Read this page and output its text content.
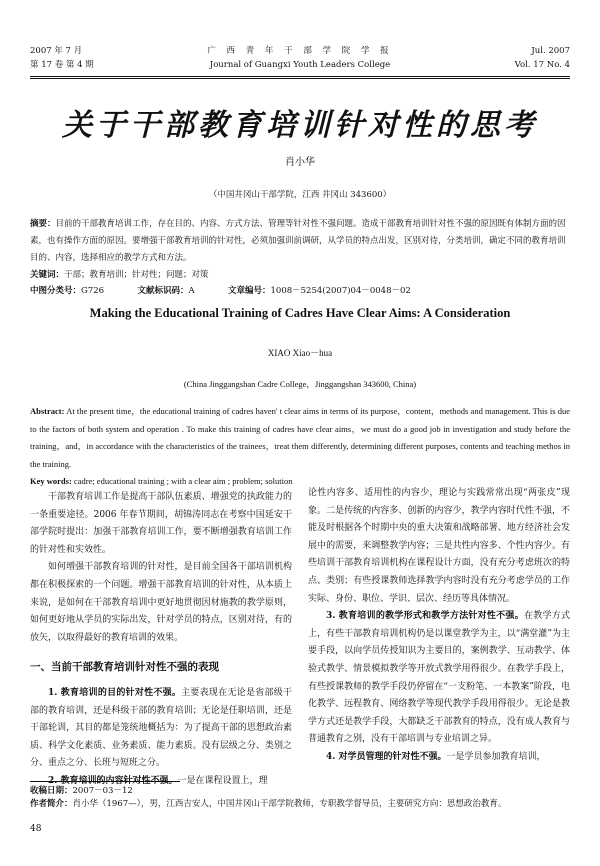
2007 年 7 月
第 17 卷 第 4 期
广 西 青 年 干 部 学 院 学 报
Journal of Guangxi Youth Leaders College
Jul. 2007
Vol. 17 No. 4
关于干部教育培训针对性的思考
肖小华
（中国井冈山干部学院，江西 井冈山 343600）
摘要：目前的干部教育培训工作，存在目的、内容、方式方法、管理等针对性不强问题。造成干部教育培训针对性不强的原因既有体制方面的因素，也有操作方面的原因。要增强干部教育培训的针对性，必须加强训前调研，从学员的特点出发，区别对待，分类培训，确定不同的教育培训目的、内容，选择相应的教学方式和方法。
关键词：干部；教育培训；针对性；问题；对策
中图分类号：G726	文献标识码：A	文章编号：1008－5254(2007)04－0048－02
Making the Educational Training of Cadres Have Clear Aims: A Consideration
XIAO Xiao－hua
(China Jinggangshan Cadre College，Jinggangshan 343600, China)
Abstract: At the present time，the educational training of cadres haven' t clear aims in terms of its purpose，content，methods and management. This is due to the factors of both system and operation . To make this training of cadres have clear aims，we must do a good job in investigation and study before the training，and，in accordance with the characteristics of the trainees，treat them differently, determining different purposes, contents and teaching methos in the training.
Key words: cadre; educational training ; with a clear aim ; problem; solution

干部教育培训工作是提高干部队伍素质、增强党的执政能力的一条重要途径。2006 年春节期间，胡锦涛同志在考察中国延安干部学院时提出：加强干部教育培训工作，要不断增强教育培训工作的针对性和实效性。

如何增强干部教育培训的针对性，是目前全国各干部培训机构都在积极探索的一个问题。增强干部教育培训的针对性，从本质上来说，是如何在干部教育培训中更好地贯彻因材施教的教学原则，如何更好地从学员的实际出发，针对学员的特点，区别对待，有的放矢，以取得最好的教育培训的效果。

一、当前干部教育培训针对性不强的表现

1. 教育培训的目的针对性不强。主要表现在无论是省部级干部的教育培训，还是科级干部的教育培训；无论是任职培训，还是干部轮训，其目的都是笼统地概括为：为了提高干部的思想政治素质、科学文化素质、业务素质、能力素质。没有层级之分、类别之分、重点之分、长班与短班之分。

2. 教育培训的内容针对性不强。一是在课程设置上，理

论性内容多、适用性的内容少，理论与实践常常出现“两张皮”现象。二是传统的内容多、创新的内容少，教学内容时代性不强，不能及时根据各个时期中央的重大决策和战略部署、地方经济社会发展中的需要，来调整教学内容；三是共性内容多、个性内容少。有些培训干部教育培训机构在课程设计方面，没有充分考虑班次的特点、类别；有些授课教师选择教学内容时没有充分考虑学员的工作实际、身份、职位、学识、层次、经历等具体情况。

3. 教育培训的教学形式和教学方法针对性不强。在教学方式上，有些干部教育培训机构仍是以课堂教学为主，以“满堂灌”为主要手段，以向学员传授知识为主要目的，案例教学、互动教学、体验式教学、情景模拟教学等开放式教学用得很少。在教学手段上，有些授课教师的教学手段仍停留在“一支粉笔、一本教案”阶段，电化教学、远程教育、网络教学等现代教学手段用得很少。无论是教学方式还是教学手段，大都缺乏干部教育的特点，没有成人教育与普通教育之别，没有干部培训与专业培训之异。

4. 对学员管理的针对性不强。一是学员参加教育培训，

收稿日期：2007－03－12
作者简介：肖小华（1967—），男，江西吉安人，中国井冈山干部学院教师，专职教学督导员，主要研究方向：思想政治教育。
48
